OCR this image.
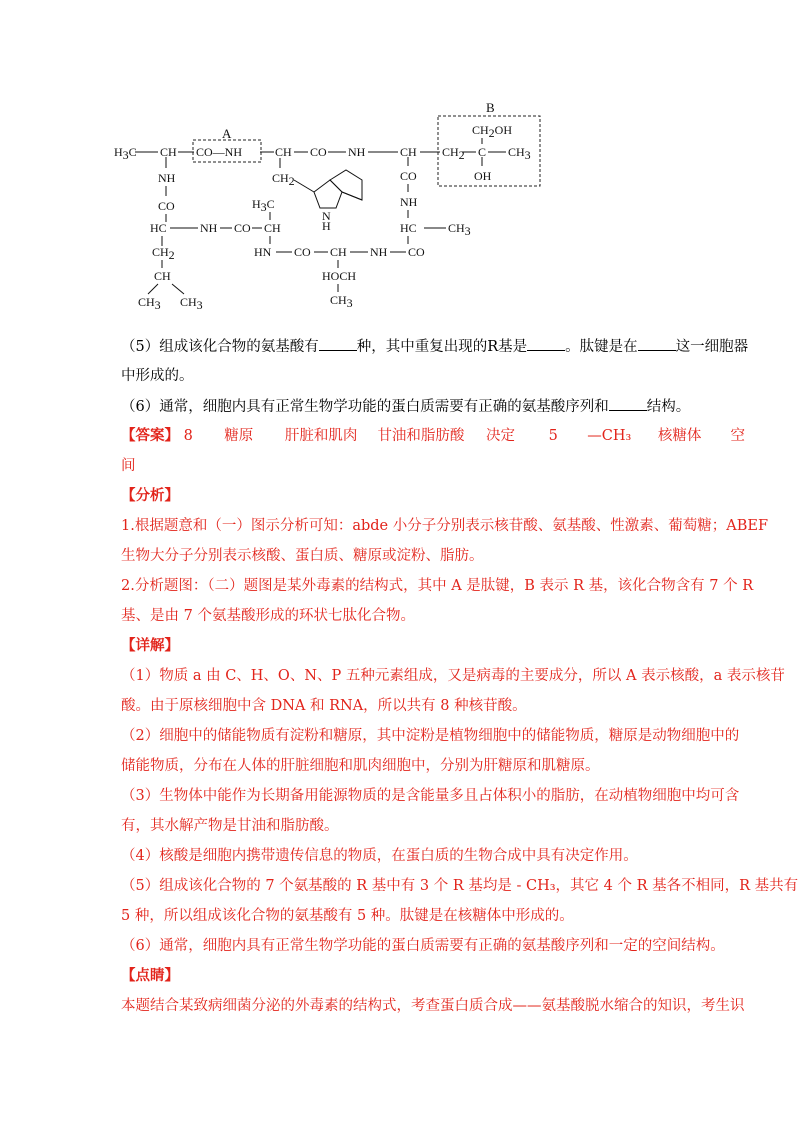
A
B
H3C CH CO—NH	CH CO NH	CH CH2 C CH3
CH2OH
OH
NH
CO
HC	NH CO CH
CH2
CH
CH3 CH3
H3C
HN CO CH NH CO
HOCH
CH3
CH2
N
H
CO
NH
HC	CH3
（5）组成该化合物的氨基酸有	种，其中重复出现的R基是	。肽键是在	这一细胞器
中形成的。
（6）通常，细胞内具有正常生物学功能的蛋白质需要有正确的氨基酸序列和	结构。
【答案】 8 糖原 肝脏和肌肉 甘油和脂肪酸 决定 5 —CH₃ 核糖体 空
间
【分析】
1.根据题意和（一）图示分析可知：abde 小分子分别表示核苷酸、氨基酸、性激素、葡萄糖；ABEF
生物大分子分别表示核酸、蛋白质、糖原或淀粉、脂肪。
2.分析题图：（二）题图是某外毒素的结构式，其中 A 是肽键，B 表示 R 基，该化合物含有 7 个 R
基、是由 7 个氨基酸形成的环状七肽化合物。
【详解】
（1）物质 a 由 C、H、O、N、P 五种元素组成，又是病毒的主要成分，所以 A 表示核酸，a 表示核苷
酸。由于原核细胞中含 DNA 和 RNA，所以共有 8 种核苷酸。
（2）细胞中的储能物质有淀粉和糖原，其中淀粉是植物细胞中的储能物质，糖原是动物细胞中的
储能物质，分布在人体的肝脏细胞和肌肉细胞中，分别为肝糖原和肌糖原。
（3）生物体中能作为长期备用能源物质的是含能量多且占体积小的脂肪，在动植物细胞中均可含
有，其水解产物是甘油和脂肪酸。
（4）核酸是细胞内携带遗传信息的物质，在蛋白质的生物合成中具有决定作用。
（5）组成该化合物的 7 个氨基酸的 R 基中有 3 个 R 基均是 - CH₃，其它 4 个 R 基各不相同，R 基共有
5 种，所以组成该化合物的氨基酸有 5 种。肽键是在核糖体中形成的。
（6）通常，细胞内具有正常生物学功能的蛋白质需要有正确的氨基酸序列和一定的空间结构。
【点睛】
本题结合某致病细菌分泌的外毒素的结构式，考查蛋白质合成——氨基酸脱水缩合的知识，考生识
